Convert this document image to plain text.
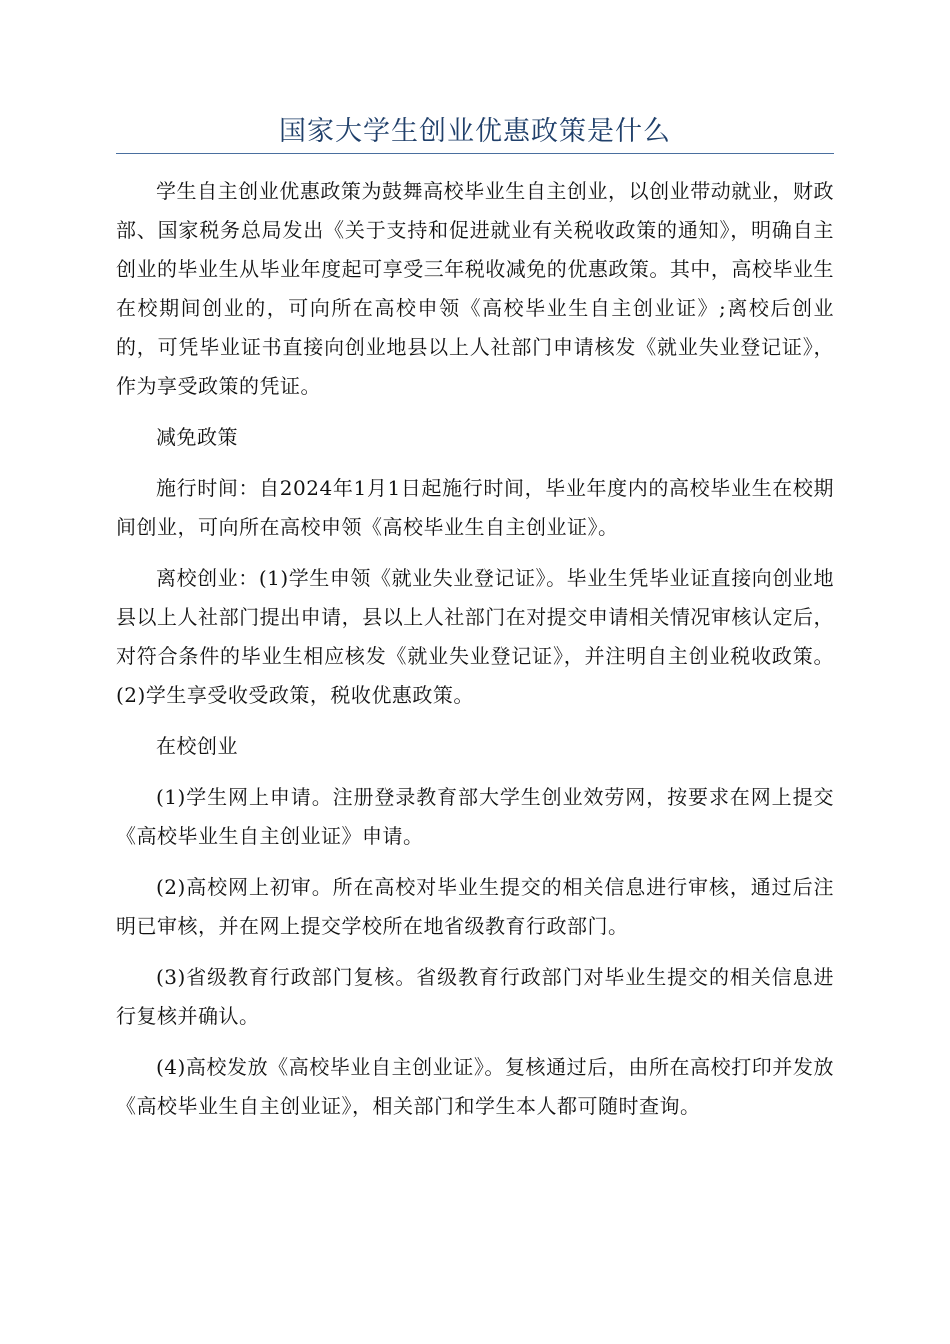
国家大学生创业优惠政策是什么

学生自主创业优惠政策为鼓舞高校毕业生自主创业，以创业带动就业，财政部、国家税务总局发出《关于支持和促进就业有关税收政策的通知》，明确自主创业的毕业生从毕业年度起可享受三年税收减免的优惠政策。其中，高校毕业生在校期间创业的，可向所在高校申领《高校毕业生自主创业证》;离校后创业的，可凭毕业证书直接向创业地县以上人社部门申请核发《就业失业登记证》，作为享受政策的凭证。

减免政策

施行时间：自2024年1月1日起施行时间，毕业年度内的高校毕业生在校期间创业，可向所在高校申领《高校毕业生自主创业证》。

离校创业：(1)学生申领《就业失业登记证》。毕业生凭毕业证直接向创业地县以上人社部门提出申请，县以上人社部门在对提交申请相关情况审核认定后，对符合条件的毕业生相应核发《就业失业登记证》，并注明自主创业税收政策。(2)学生享受收受政策，税收优惠政策。

在校创业

(1)学生网上申请。注册登录教育部大学生创业效劳网，按要求在网上提交《高校毕业生自主创业证》申请。

(2)高校网上初审。所在高校对毕业生提交的相关信息进行审核，通过后注明已审核，并在网上提交学校所在地省级教育行政部门。

(3)省级教育行政部门复核。省级教育行政部门对毕业生提交的相关信息进行复核并确认。

(4)高校发放《高校毕业自主创业证》。复核通过后，由所在高校打印并发放《高校毕业生自主创业证》，相关部门和学生本人都可随时查询。
